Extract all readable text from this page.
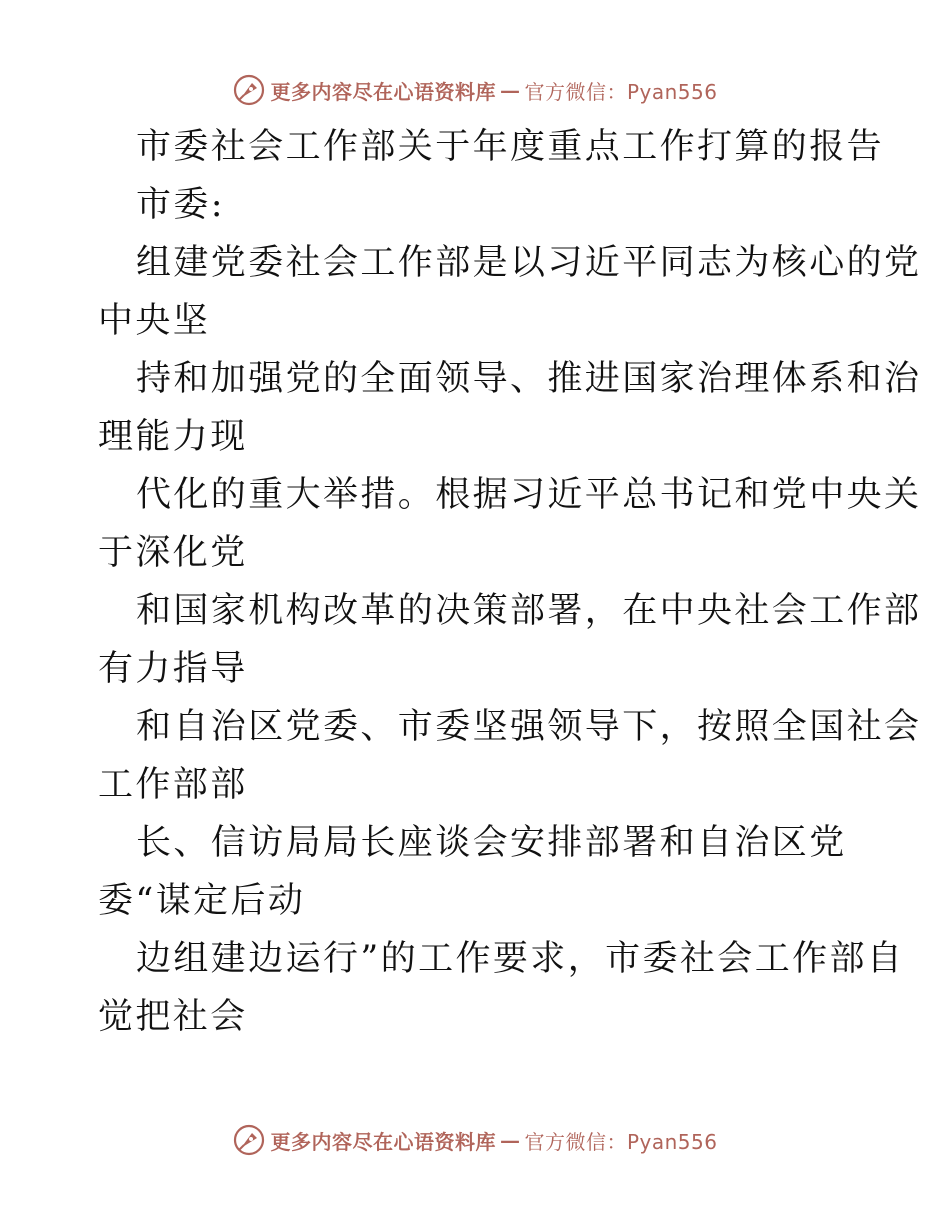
更多内容尽在心语资料库 — 官方微信：Pyan556
市委社会工作部关于年度重点工作打算的报告
市委:
组建党委社会工作部是以习近平同志为核心的党
中央坚
持和加强党的全面领导、推进国家治理体系和治
理能力现
代化的重大举措。根据习近平总书记和党中央关
于深化党
和国家机构改革的决策部署，在中央社会工作部
有力指导
和自治区党委、市委坚强领导下，按照全国社会
工作部部
长、信访局局长座谈会安排部署和自治区党
委“谋定后动
边组建边运行”的工作要求，市委社会工作部自
觉把社会
更多内容尽在心语资料库 — 官方微信：Pyan556
